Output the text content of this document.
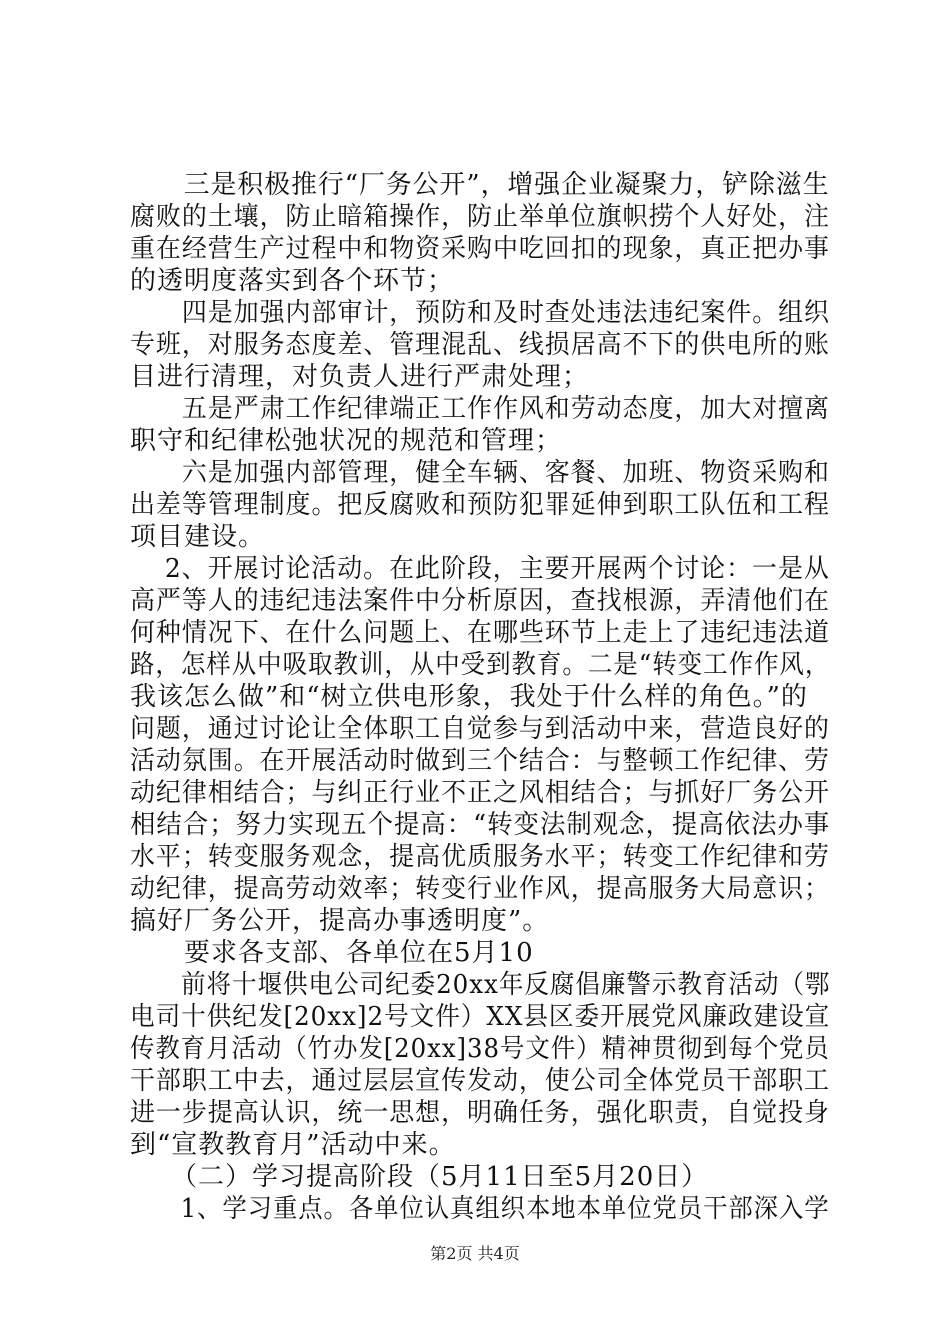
　　三是积极推行“厂务公开”，增强企业凝聚力，铲除滋生
腐败的土壤，防止暗箱操作，防止举单位旗帜捞个人好处，注
重在经营生产过程中和物资采购中吃回扣的现象，真正把办事
的透明度落实到各个环节；
　　四是加强内部审计，预防和及时查处违法违纪案件。组织
专班，对服务态度差、管理混乱、线损居高不下的供电所的账
目进行清理，对负责人进行严肃处理；
　　五是严肃工作纪律端正工作作风和劳动态度，加大对擅离
职守和纪律松弛状况的规范和管理；
　　六是加强内部管理，健全车辆、客餐、加班、物资采购和
出差等管理制度。把反腐败和预防犯罪延伸到职工队伍和工程
项目建设。
　 2、开展讨论活动。在此阶段，主要开展两个讨论：一是从
高严等人的违纪违法案件中分析原因，查找根源，弄清他们在
何种情况下、在什么问题上、在哪些环节上走上了违纪违法道
路，怎样从中吸取教训，从中受到教育。二是“转变工作作风，
我该怎么做”和“树立供电形象，我处于什么样的角色。”的
问题，通过讨论让全体职工自觉参与到活动中来，营造良好的
活动氛围。在开展活动时做到三个结合：与整顿工作纪律、劳
动纪律相结合；与纠正行业不正之风相结合；与抓好厂务公开
相结合；努力实现五个提高：“转变法制观念，提高依法办事
水平；转变服务观念，提高优质服务水平；转变工作纪律和劳
动纪律，提高劳动效率；转变行业作风，提高服务大局意识；
搞好厂务公开，提高办事透明度”。
　　要求各支部、各单位在5月10
　　前将十堰供电公司纪委20xx年反腐倡廉警示教育活动（鄂
电司十供纪发[20xx]2号文件）XX县区委开展党风廉政建设宣
传教育月活动（竹办发[20xx]38号文件）精神贯彻到每个党员
干部职工中去，通过层层宣传发动，使公司全体党员干部职工
进一步提高认识，统一思想，明确任务，强化职责，自觉投身
到“宣教教育月”活动中来。
　　（二）学习提高阶段（5月11日至5月20日）
　　1、学习重点。各单位认真组织本地本单位党员干部深入学
第2页 共4页
